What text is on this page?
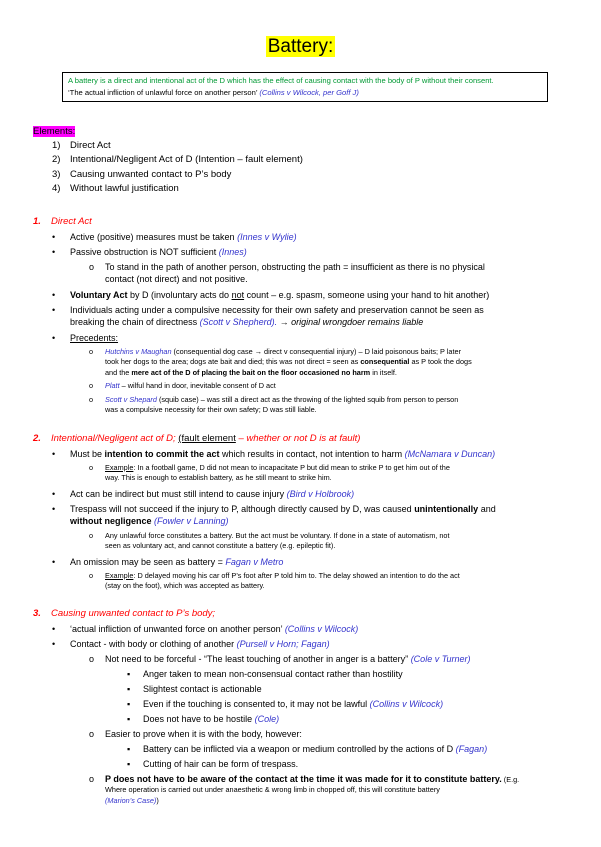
Battery:
A battery is a direct and intentional act of the D which has the effect of causing contact with the body of P without their consent.
‘The actual infliction of unlawful force on another person’ (Collins v Wilcock, per Goff J)
Elements:
1) Direct Act
2) Intentional/Negligent Act of D (Intention – fault element)
3) Causing unwanted contact to P’s body
4) Without lawful justification
1. Direct Act
• Active (positive) measures must be taken (Innes v Wylie)
• Passive obstruction is NOT sufficient (Innes)
o To stand in the path of another person, obstructing the path = insufficient as there is no physical
contact (not direct) and not positive.
• Voluntary Act by D (involuntary acts do not count – e.g. spasm, someone using your hand to hit another)
• Individuals acting under a compulsive necessity for their own safety and preservation cannot be seen as
breaking the chain of directness (Scott v Shepherd). → original wrongdoer remains liable
• Precedents:
o Hutchins v Maughan (consequential dog case → direct v consequential injury) – D laid poisonous baits; P later
took her dogs to the area; dogs ate bait and died; this was not direct = seen as consequential as P took the dogs
and the mere act of the D of placing the bait on the floor occasioned no harm in itself.
o Platt – wilful hand in door, inevitable consent of D act
o Scott v Shepard (squib case) – was still a direct act as the throwing of the lighted squib from person to person
was a compulsive necessity for their own safety; D was still liable.
2. Intentional/Negligent act of D; (fault element – whether or not D is at fault)
• Must be intention to commit the act which results in contact, not intention to harm (McNamara v Duncan)
o Example: In a football game, D did not mean to incapacitate P but did mean to strike P to get him out of the
way. This is enough to establish battery, as he still meant to strike him.
• Act can be indirect but must still intend to cause injury (Bird v Holbrook)
• Trespass will not succeed if the injury to P, although directly caused by D, was caused unintentionally and
without negligence (Fowler v Lanning)
o Any unlawful force constitutes a battery. But the act must be voluntary. If done in a state of automatism, not
seen as voluntary act, and cannot constitute a battery (e.g. epileptic fit).
• An omission may be seen as battery = Fagan v Metro
o Example: D delayed moving his car off P’s foot after P told him to. The delay showed an intention to do the act
(stay on the foot), which was accepted as battery.
3. Causing unwanted contact to P’s body;
• ‘actual infliction of unwanted force on another person’ (Collins v Wilcock)
• Contact - with body or clothing of another (Pursell v Horn; Fagan)
o Not need to be forceful - “The least touching of another in anger is a battery” (Cole v Turner)
▪ Anger taken to mean non-consensual contact rather than hostility
▪ Slightest contact is actionable
▪ Even if the touching is consented to, it may not be lawful (Collins v Wilcock)
▪ Does not have to be hostile (Cole)
o Easier to prove when it is with the body, however:
▪ Battery can be inflicted via a weapon or medium controlled by the actions of D (Fagan)
▪ Cutting of hair can be form of trespass.
o P does not have to be aware of the contact at the time it was made for it to constitute battery. (E.g.
Where operation is carried out under anaesthetic & wrong limb in chopped off, this will constitute battery
(Marion’s Case))
